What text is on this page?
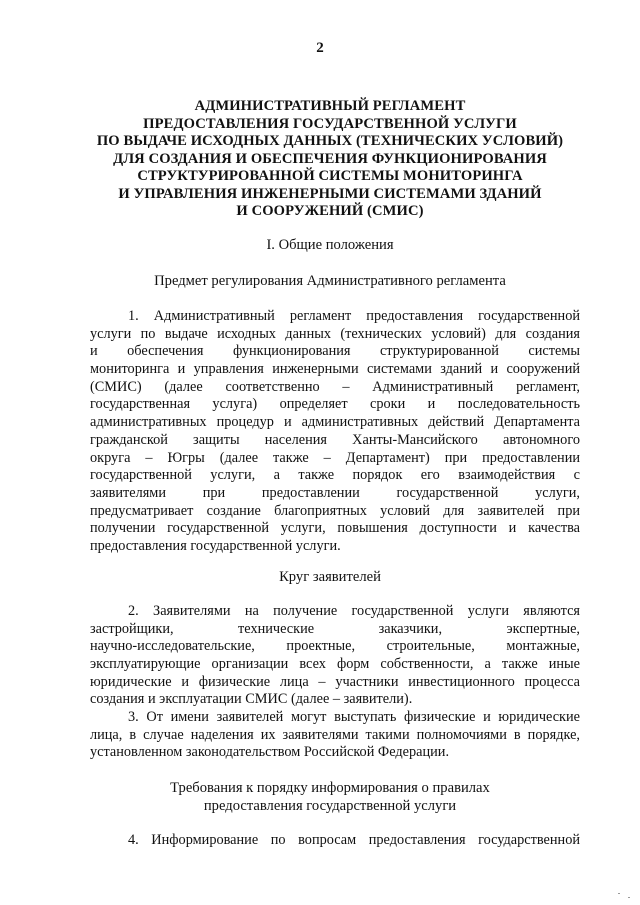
2
АДМИНИСТРАТИВНЫЙ РЕГЛАМЕНТ
ПРЕДОСТАВЛЕНИЯ ГОСУДАРСТВЕННОЙ УСЛУГИ
ПО ВЫДАЧЕ ИСХОДНЫХ ДАННЫХ (ТЕХНИЧЕСКИХ УСЛОВИЙ)
ДЛЯ СОЗДАНИЯ И ОБЕСПЕЧЕНИЯ ФУНКЦИОНИРОВАНИЯ
СТРУКТУРИРОВАННОЙ СИСТЕМЫ МОНИТОРИНГА
И УПРАВЛЕНИЯ ИНЖЕНЕРНЫМИ СИСТЕМАМИ ЗДАНИЙ
И СООРУЖЕНИЙ (СМИС)
I. Общие положения
Предмет регулирования Административного регламента
1. Административный регламент предоставления государственной
услуги по выдаче исходных данных (технических условий) для создания
и обеспечения функционирования структурированной системы
мониторинга и управления инженерными системами зданий и сооружений
(СМИС) (далее соответственно – Административный регламент,
государственная услуга) определяет сроки и последовательность
административных процедур и административных действий Департамента
гражданской защиты населения Ханты-Мансийского автономного
округа – Югры (далее также – Департамент) при предоставлении
государственной услуги, а также порядок его взаимодействия с
заявителями при предоставлении государственной услуги,
предусматривает создание благоприятных условий для заявителей при
получении государственной услуги, повышения доступности и качества
предоставления государственной услуги.
Круг заявителей
2. Заявителями на получение государственной услуги являются
застройщики, технические заказчики, экспертные,
научно-исследовательские, проектные, строительные, монтажные,
эксплуатирующие организации всех форм собственности, а также иные
юридические и физические лица – участники инвестиционного процесса
создания и эксплуатации СМИС (далее – заявители).
3. От имени заявителей могут выступать физические и юридические
лица, в случае наделения их заявителями такими полномочиями в порядке,
установленном законодательством Российской Федерации.
Требования к порядку информирования о правилах
предоставления государственной услуги
4. Информирование по вопросам предоставления государственной
